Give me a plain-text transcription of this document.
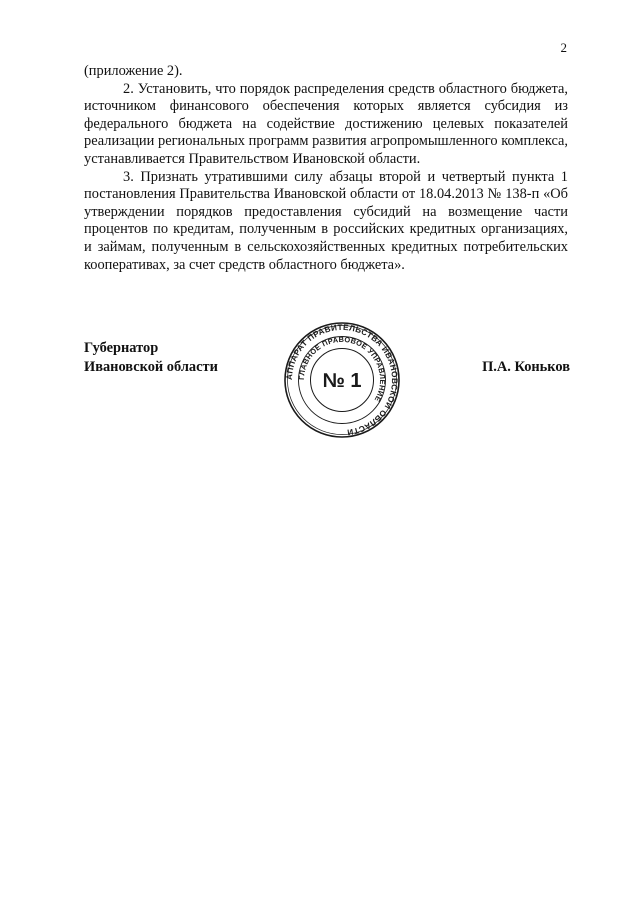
2

(приложение 2).

2. Установить, что порядок распределения средств областного бюджета, источником финансового обеспечения которых является субсидия из федерального бюджета на содействие достижению целевых показателей реализации региональных программ развития агропромышленного комплекса, устанавливается Правительством Ивановской области.

3. Признать утратившими силу абзацы второй и четвертый пункта 1 постановления Правительства Ивановской области от 18.04.2013 № 138-п «Об утверждении порядков предоставления субсидий на возмещение части процентов по кредитам, полученным в российских кредитных организациях, и займам, полученным в сельскохозяйственных кредитных потребительских кооперативах, за счет средств областного бюджета».

Губернатор
Ивановской области	П.А. Коньков
АППАРАТ ПРАВИТЕЛЬСТВА ИВАНОВСКОЙ ОБЛАСТИ
ГЛАВНОЕ ПРАВОВОЕ УПРАВЛЕНИЕ
№ 1
